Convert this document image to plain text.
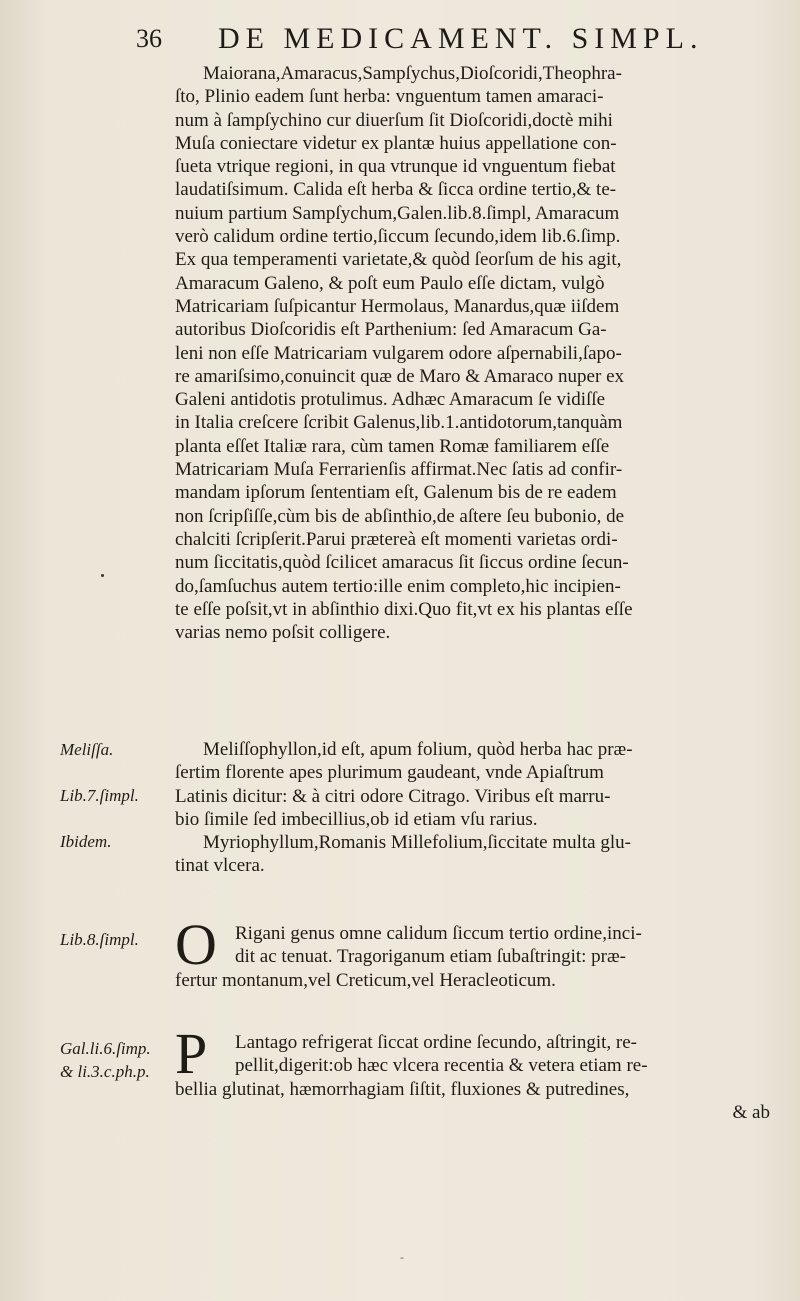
36 DE MEDICAMENT. SIMPL.
Maiorana,Amaracus,Sampſychus,Dioſcoridi,Theophra-
ſto, Plinio eadem ſunt herba: vnguentum tamen amaraci-
num à ſampſychino cur diuerſum ſit Dioſcoridi,doctè mihi
Muſa coniectare videtur ex plantæ huius appellatione con-
ſueta vtrique regioni, in qua vtrunque id vnguentum fiebat
laudatiſsimum. Calida eſt herba & ſicca ordine tertio,& te-
nuium partium Sampſychum,Galen.lib.8.ſimpl, Amaracum
verò calidum ordine tertio,ſiccum ſecundo,idem lib.6.ſimp.
Ex qua temperamenti varietate,& quòd ſeorſum de his agit,
Amaracum Galeno, & poſt eum Paulo eſſe dictam, vulgò
Matricariam ſuſpicantur Hermolaus, Manardus,quæ iiſdem
autoribus Dioſcoridis eſt Parthenium: ſed Amaracum Ga-
leni non eſſe Matricariam vulgarem odore aſpernabili,ſapo-
re amariſsimo,conuincit quæ de Maro & Amaraco nuper ex
Galeni antidotis protulimus. Adhæc Amaracum ſe vidiſſe
in Italia creſcere ſcribit Galenus,lib.1.antidotorum,tanquàm
planta eſſet Italiæ rara, cùm tamen Romæ familiarem eſſe
Matricariam Muſa Ferrarienſis affirmat.Nec ſatis ad confir-
mandam ipſorum ſententiam eſt, Galenum bis de re eadem
non ſcripſiſſe,cùm bis de abſinthio,de aſtere ſeu bubonio, de
chalciti ſcripſerit.Parui prætereà eſt momenti varietas ordi-
num ſiccitatis,quòd ſcilicet amaracus ſit ſiccus ordine ſecun-
do,ſamſuchus autem tertio:ille enim completo,hic incipien-
te eſſe poſsit,vt in abſinthio dixi.Quo fit,vt ex his plantas eſſe
varias nemo poſsit colligere.
Meliſſophyllon,id eſt, apum folium, quòd herba hac præ-
ſertim florente apes plurimum gaudeant, vnde Apiaſtrum
Latinis dicitur: & à citri odore Citrago. Viribus eſt marru-
bio ſimile ſed imbecillius,ob id etiam vſu rarius.
Myriophyllum,Romanis Millefolium,ſiccitate multa glu-
tinat vlcera.
O Rigani genus omne calidum ſiccum tertio ordine,inci-
dit ac tenuat. Tragoriganum etiam ſubaſtringit: præ-
fertur montanum,vel Creticum,vel Heracleoticum.
P	Lantago refrigerat ſiccat ordine ſecundo, aſtringit, re-
pellit,digerit:ob hæc vlcera recentia & vetera etiam re-
bellia glutinat, hæmorrhagiam ſiſtit, fluxiones & putredines,
& ab
Meliſſa.
Lib.7.ſimpl.
Ibidem.
Lib.8.ſimpl.
Gal.li.6.ſimp.
& li.3.c.ph.p.
-
